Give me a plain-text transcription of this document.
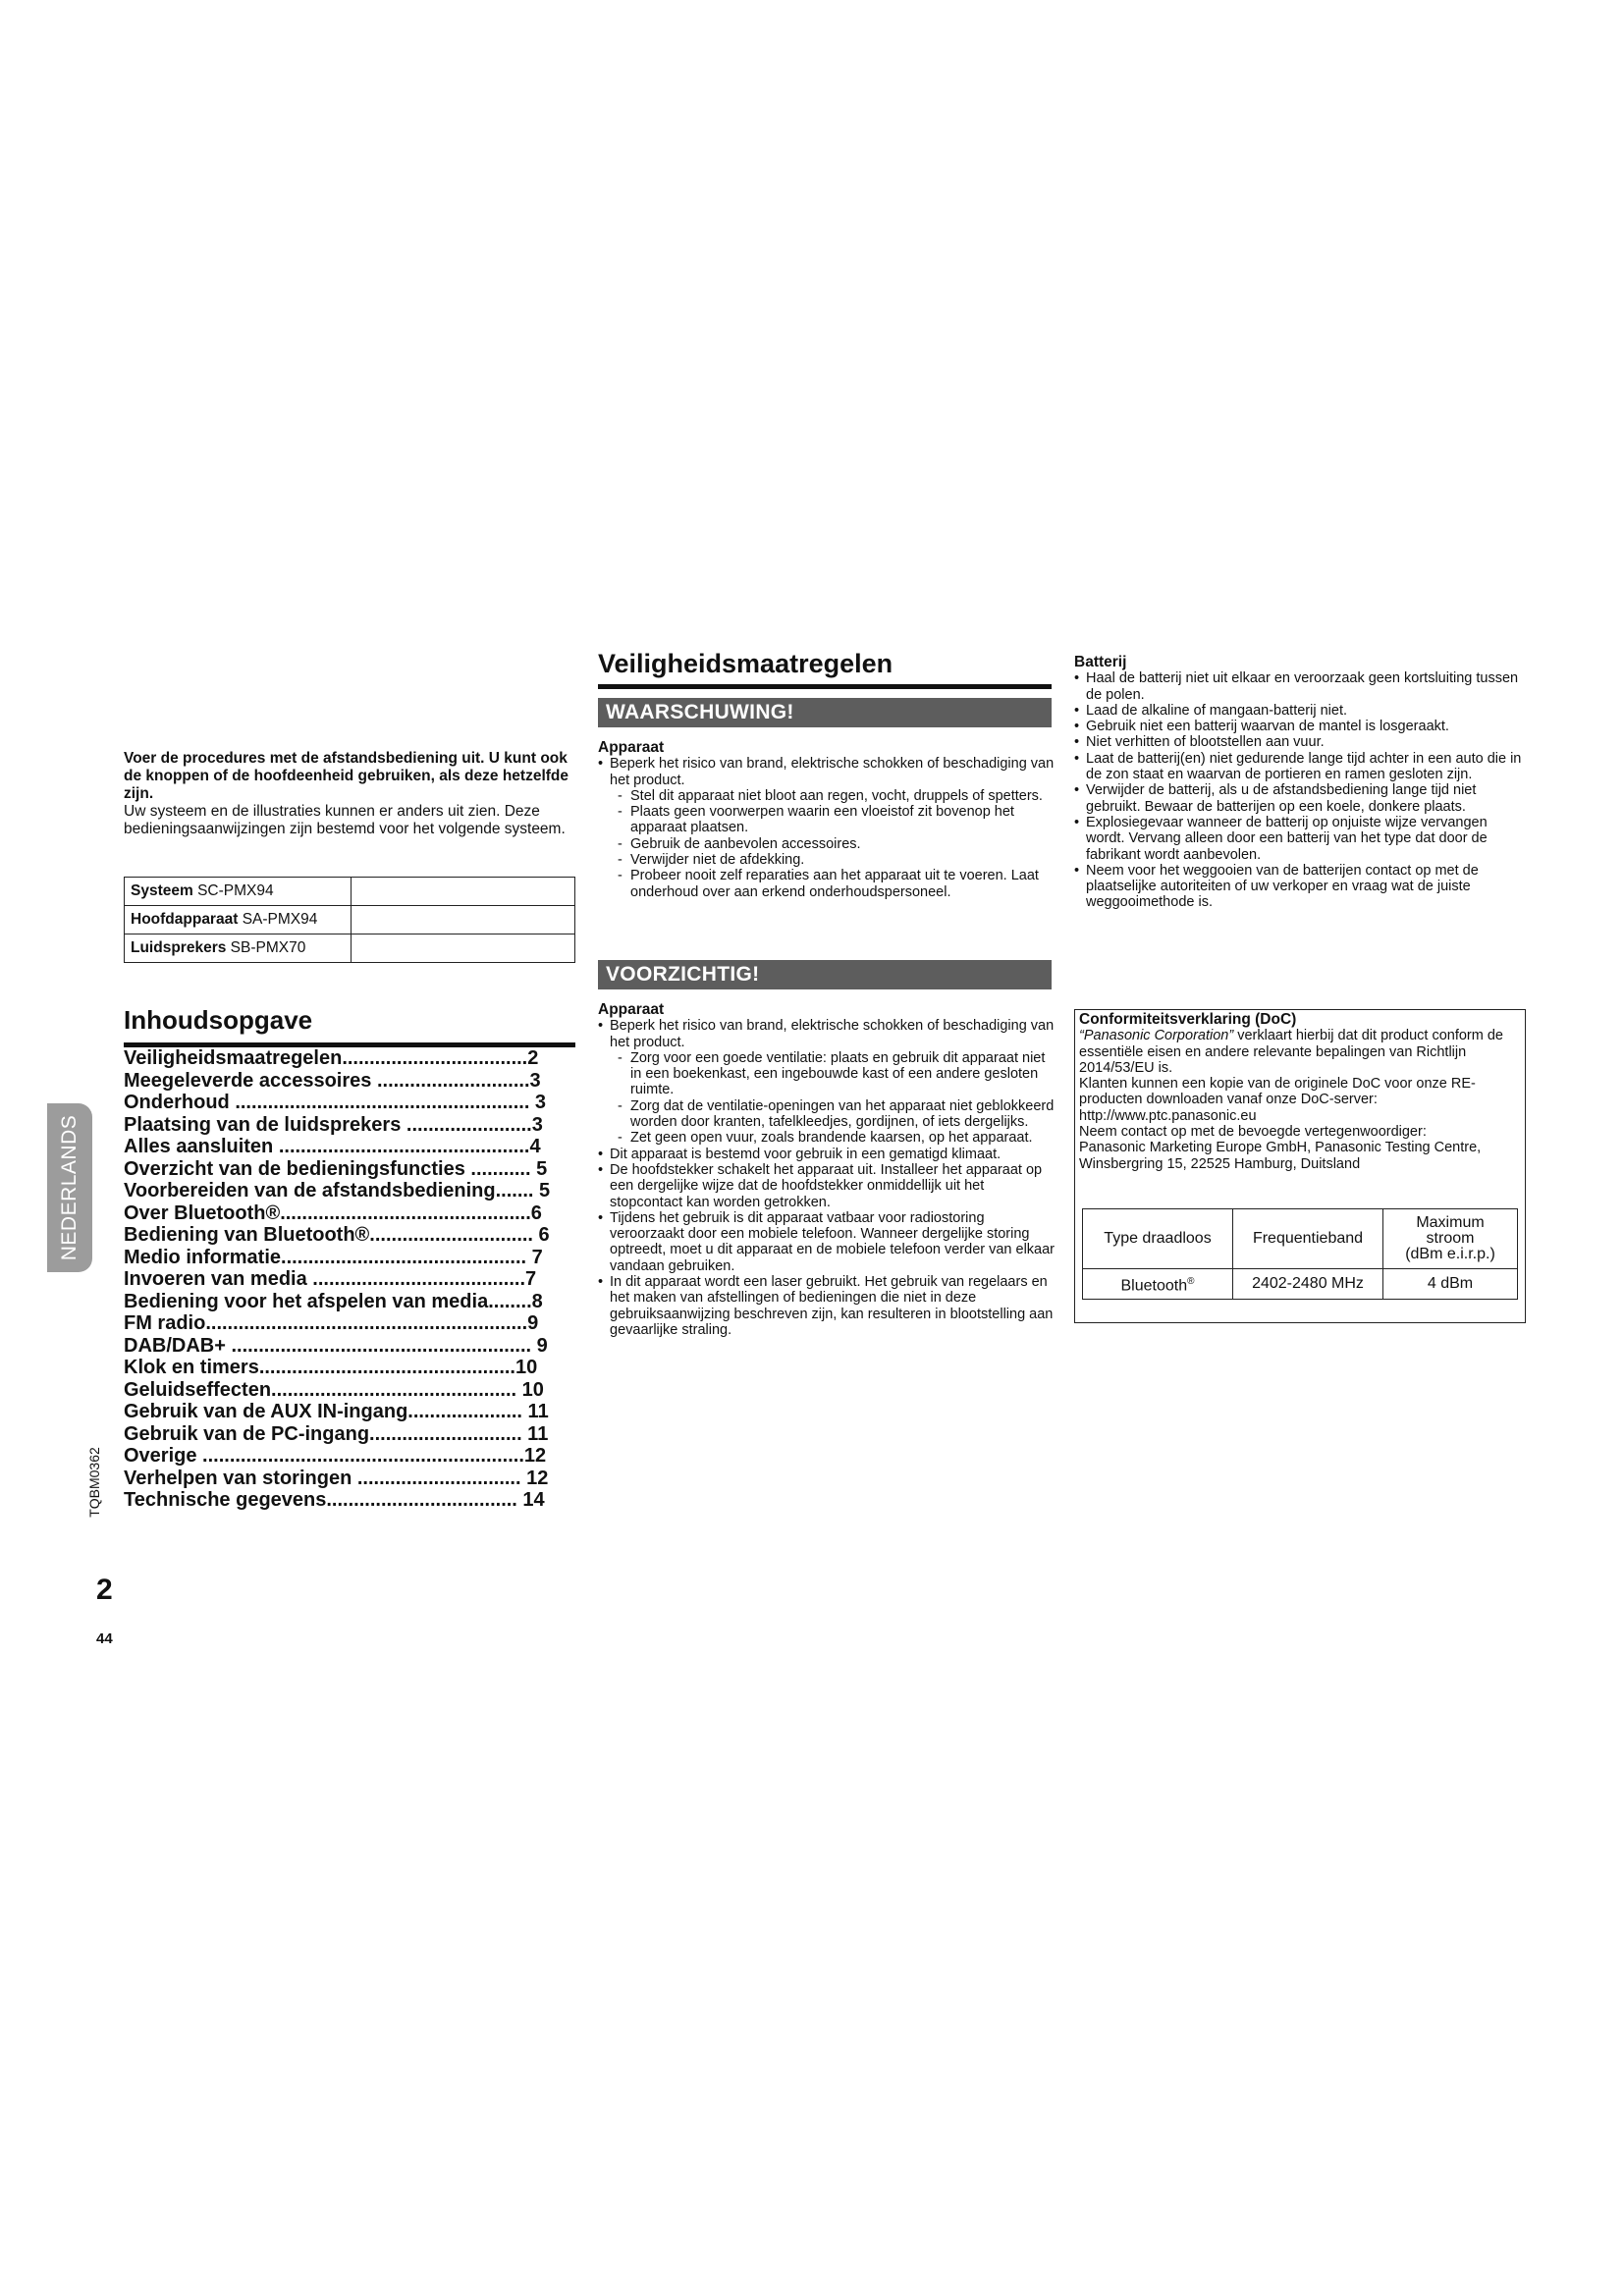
Voer de procedures met de afstandsbediening uit. U kunt ook de knoppen of de hoofdeenheid gebruiken, als deze hetzelfde zijn.
Uw systeem en de illustraties kunnen er anders uit zien. Deze bedieningsaanwijzingen zijn bestemd voor het volgende systeem.
Systeem SC-PMX94	
Hoofdapparaat SA-PMX94	
Luidsprekers SB-PMX70	
Inhoudsopgave
Veiligheidsmaatregelen..................................2
Meegeleverde accessoires ............................3
Onderhoud ...................................................... 3
Plaatsing van de luidsprekers .......................3
Alles aansluiten ..............................................4
Overzicht van de bedieningsfuncties ........... 5
Voorbereiden van de afstandsbediening....... 5
Over Bluetooth®..............................................6
Bediening van Bluetooth®.............................. 6
Medio informatie............................................. 7
Invoeren van media .......................................7
Bediening voor het afspelen van media........8
FM radio...........................................................9
DAB/DAB+ ....................................................... 9
Klok en timers...............................................10
Geluidseffecten............................................. 10
Gebruik van de AUX IN-ingang..................... 11
Gebruik van de PC-ingang............................ 11
Overige ...........................................................12
Verhelpen van storingen .............................. 12
Technische gegevens................................... 14
NEDERLANDS
TQBM0362
2
44
Veiligheidsmaatregelen
WAARSCHUWING!
Apparaat
• Beperk het risico van brand, elektrische schokken of beschadiging van het product.
- Stel dit apparaat niet bloot aan regen, vocht, druppels of spetters.
- Plaats geen voorwerpen waarin een vloeistof zit bovenop het apparaat plaatsen.
- Gebruik de aanbevolen accessoires.
- Verwijder niet de afdekking.
- Probeer nooit zelf reparaties aan het apparaat uit te voeren. Laat onderhoud over aan erkend onderhoudspersoneel.
VOORZICHTIG!
Apparaat
• Beperk het risico van brand, elektrische schokken of beschadiging van het product.
- Zorg voor een goede ventilatie: plaats en gebruik dit apparaat niet in een boekenkast, een ingebouwde kast of een andere gesloten ruimte.
- Zorg dat de ventilatie-openingen van het apparaat niet geblokkeerd worden door kranten, tafelkleedjes, gordijnen, of iets dergelijks.
- Zet geen open vuur, zoals brandende kaarsen, op het apparaat.
• Dit apparaat is bestemd voor gebruik in een gematigd klimaat.
• De hoofdstekker schakelt het apparaat uit. Installeer het apparaat op een dergelijke wijze dat de hoofdstekker onmiddellijk uit het stopcontact kan worden getrokken.
• Tijdens het gebruik is dit apparaat vatbaar voor radiostoring veroorzaakt door een mobiele telefoon. Wanneer dergelijke storing optreedt, moet u dit apparaat en de mobiele telefoon verder van elkaar vandaan gebruiken.
• In dit apparaat wordt een laser gebruikt. Het gebruik van regelaars en het maken van afstellingen of bedieningen die niet in deze gebruiksaanwijzing beschreven zijn, kan resulteren in blootstelling aan gevaarlijke straling.
Batterij
• Haal de batterij niet uit elkaar en veroorzaak geen kortsluiting tussen de polen.
• Laad de alkaline of mangaan-batterij niet.
• Gebruik niet een batterij waarvan de mantel is losgeraakt.
• Niet verhitten of blootstellen aan vuur.
• Laat de batterij(en) niet gedurende lange tijd achter in een auto die in de zon staat en waarvan de portieren en ramen gesloten zijn.
• Verwijder de batterij, als u de afstandsbediening lange tijd niet gebruikt. Bewaar de batterijen op een koele, donkere plaats.
• Explosiegevaar wanneer de batterij op onjuiste wijze vervangen wordt. Vervang alleen door een batterij van het type dat door de fabrikant wordt aanbevolen.
• Neem voor het weggooien van de batterijen contact op met de plaatselijke autoriteiten of uw verkoper en vraag wat de juiste weggooimethode is.
Conformiteitsverklaring (DoC)
“Panasonic Corporation” verklaart hierbij dat dit product conform de essentiële eisen en andere relevante bepalingen van Richtlijn 2014/53/EU is.
Klanten kunnen een kopie van de originele DoC voor onze RE-producten downloaden vanaf onze DoC-server:
http://www.ptc.panasonic.eu
Neem contact op met de bevoegde vertegenwoordiger:
Panasonic Marketing Europe GmbH, Panasonic Testing Centre, Winsbergring 15, 22525 Hamburg, Duitsland
Type draadloos	Frequentieband	Maximum
stroom
(dBm e.i.r.p.)

Bluetooth®	2402-2480 MHz	4 dBm
